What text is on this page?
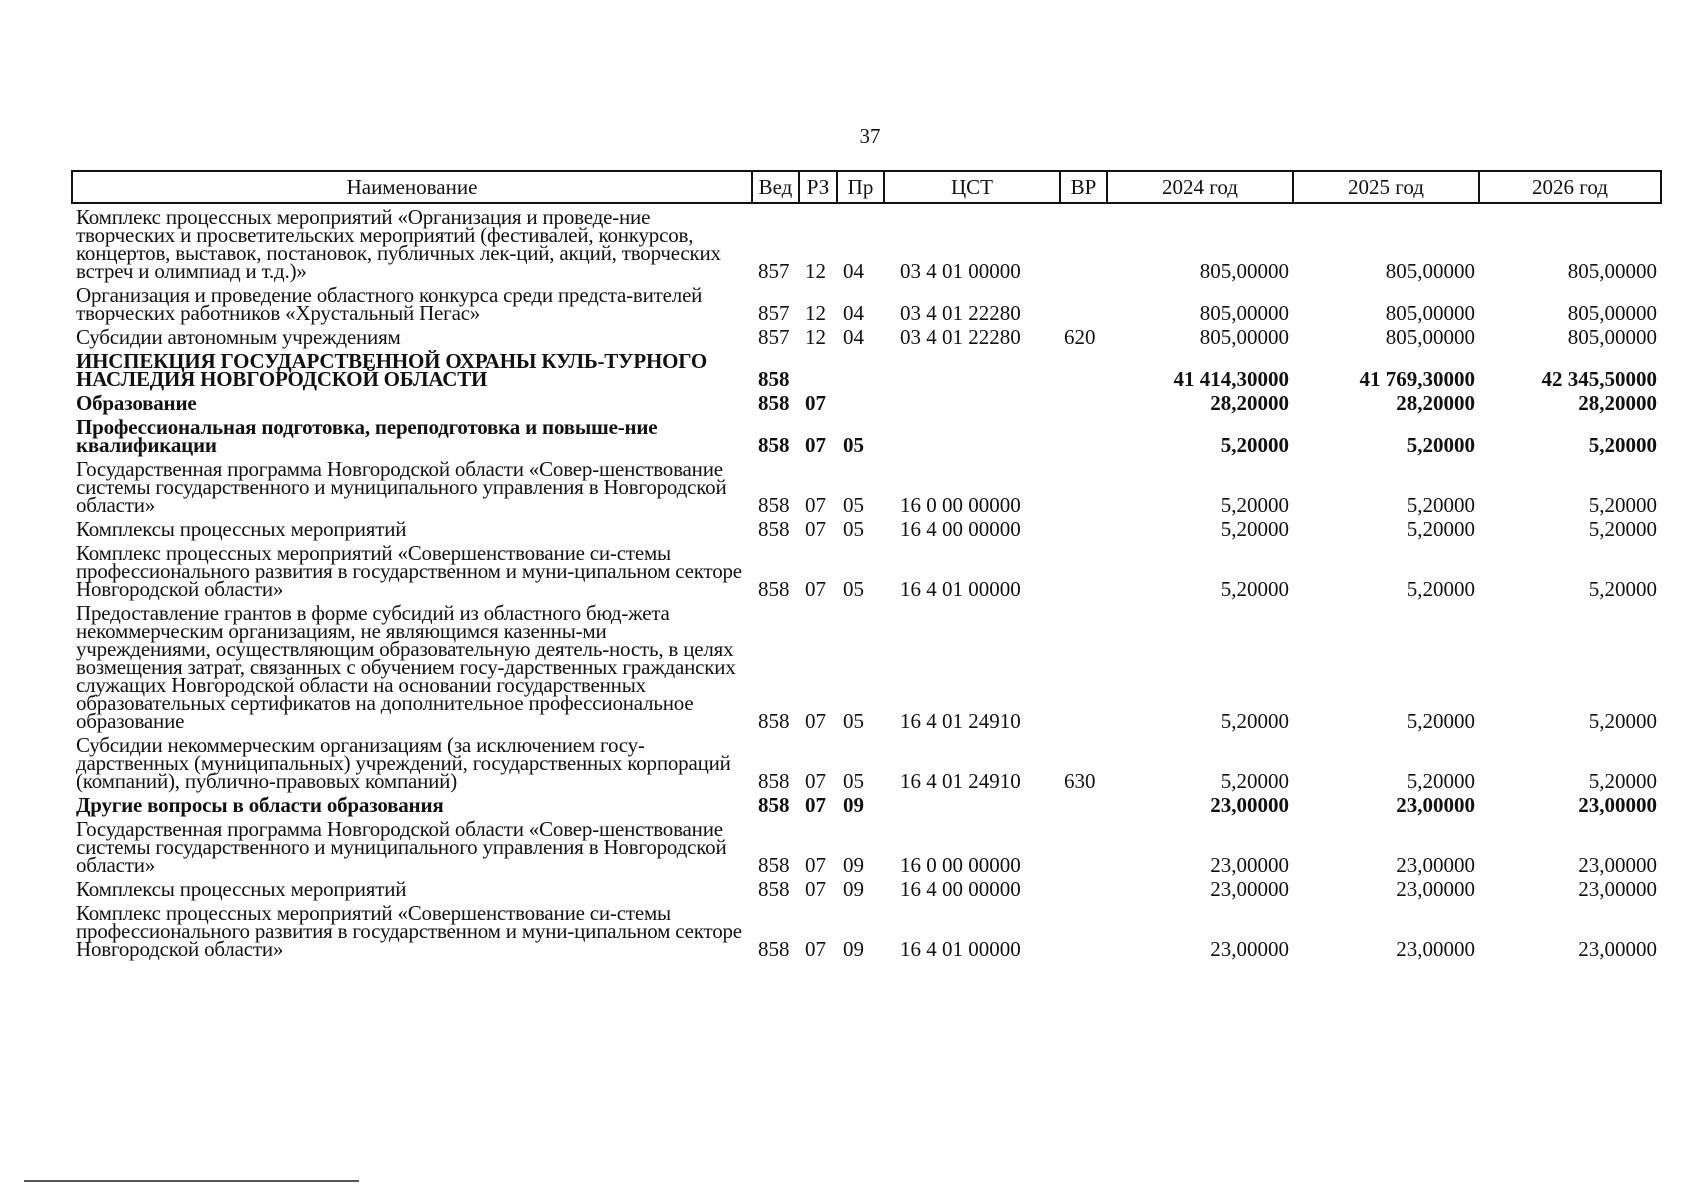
37
Наименование	Вед	РЗ	Пр	ЦСТ	ВР	2024 год	2025 год	2026 год
Комплекс процессных мероприятий «Организация и проведе-ние творческих и просветительских мероприятий (фестивалей, конкурсов, концертов, выставок, постановок, публичных лек-ций, акций, творческих встреч и олимпиад и т.д.)»	857	12	04	03 4 01 00000		805,00000	805,00000	805,00000
Организация и проведение областного конкурса среди предста-вителей творческих работников «Хрустальный Пегас»	857	12	04	03 4 01 22280		805,00000	805,00000	805,00000
Субсидии автономным учреждениям	857	12	04	03 4 01 22280	620	805,00000	805,00000	805,00000
ИНСПЕКЦИЯ ГОСУДАРСТВЕННОЙ ОХРАНЫ КУЛЬ-ТУРНОГО НАСЛЕДИЯ НОВГОРОДСКОЙ ОБЛАСТИ	858					41 414,30000	41 769,30000	42 345,50000
Образование	858	07				28,20000	28,20000	28,20000
Профессиональная подготовка, переподготовка и повыше-ние квалификации	858	07	05			5,20000	5,20000	5,20000
Государственная программа Новгородской области «Совер-шенствование системы государственного и муниципального управления в Новгородской области»	858	07	05	16 0 00 00000		5,20000	5,20000	5,20000
Комплексы процессных мероприятий	858	07	05	16 4 00 00000		5,20000	5,20000	5,20000
Комплекс процессных мероприятий «Совершенствование си-стемы профессионального развития в государственном и муни-ципальном секторе Новгородской области»	858	07	05	16 4 01 00000		5,20000	5,20000	5,20000
Предоставление грантов в форме субсидий из областного бюд-жета некоммерческим организациям, не являющимся казенны-ми учреждениями, осуществляющим образовательную деятель-ность, в целях возмещения затрат, связанных с обучением госу-дарственных гражданских служащих Новгородской области на основании государственных образовательных сертификатов на дополнительное профессиональное образование	858	07	05	16 4 01 24910		5,20000	5,20000	5,20000
Субсидии некоммерческим организациям (за исключением госу-дарственных (муниципальных) учреждений, государственных корпораций (компаний), публично-правовых компаний)	858	07	05	16 4 01 24910	630	5,20000	5,20000	5,20000
Другие вопросы в области образования	858	07	09			23,00000	23,00000	23,00000
Государственная программа Новгородской области «Совер-шенствование системы государственного и муниципального управления в Новгородской области»	858	07	09	16 0 00 00000		23,00000	23,00000	23,00000
Комплексы процессных мероприятий	858	07	09	16 4 00 00000		23,00000	23,00000	23,00000
Комплекс процессных мероприятий «Совершенствование си-стемы профессионального развития в государственном и муни-ципальном секторе Новгородской области»	858	07	09	16 4 01 00000		23,00000	23,00000	23,00000
